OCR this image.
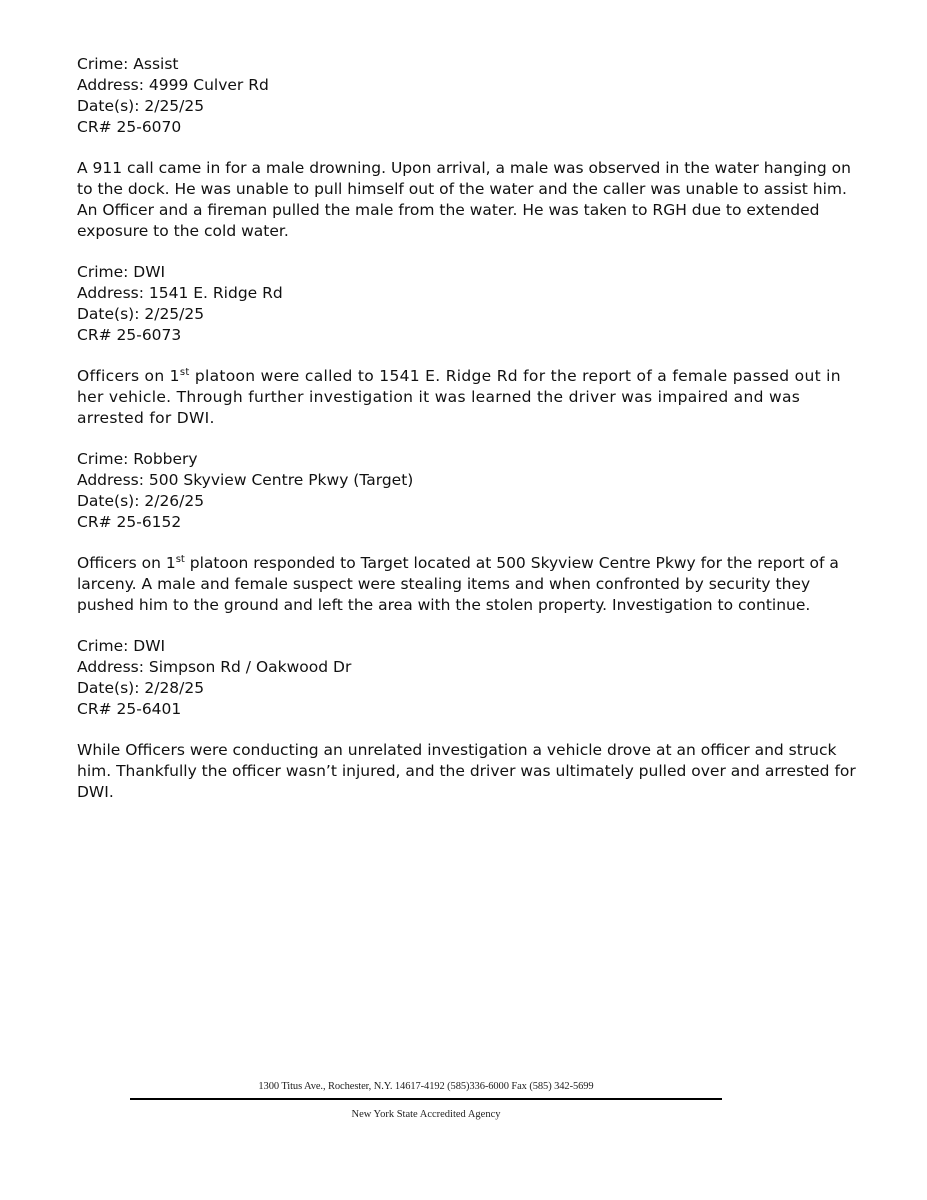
Crime: Assist

Address: 4999 Culver Rd

Date(s): 2/25/25

CR# 25-6070

A 911 call came in for a male drowning. Upon arrival, a male was observed in the water hanging on to the dock. He was unable to pull himself out of the water and the caller was unable to assist him. An Officer and a fireman pulled the male from the water. He was taken to RGH due to extended exposure to the cold water.

Crime: DWI

Address: 1541 E. Ridge Rd

Date(s): 2/25/25

CR# 25-6073

Officers on 1st platoon were called to 1541 E. Ridge Rd for the report of a female passed out in her vehicle. Through further investigation it was learned the driver was impaired and was arrested for DWI.

Crime: Robbery

Address: 500 Skyview Centre Pkwy (Target)

Date(s): 2/26/25

CR# 25-6152

Officers on 1st platoon responded to Target located at 500 Skyview Centre Pkwy for the report of a larceny. A male and female suspect were stealing items and when confronted by security they pushed him to the ground and left the area with the stolen property. Investigation to continue.

Crime: DWI

Address: Simpson Rd / Oakwood Dr

Date(s): 2/28/25

CR# 25-6401

While Officers were conducting an unrelated investigation a vehicle drove at an officer and struck him. Thankfully the officer wasn’t injured, and the driver was ultimately pulled over and arrested for DWI.

1300 Titus Ave., Rochester, N.Y. 14617-4192 (585)336-6000 Fax (585) 342-5699
New York State Accredited Agency
